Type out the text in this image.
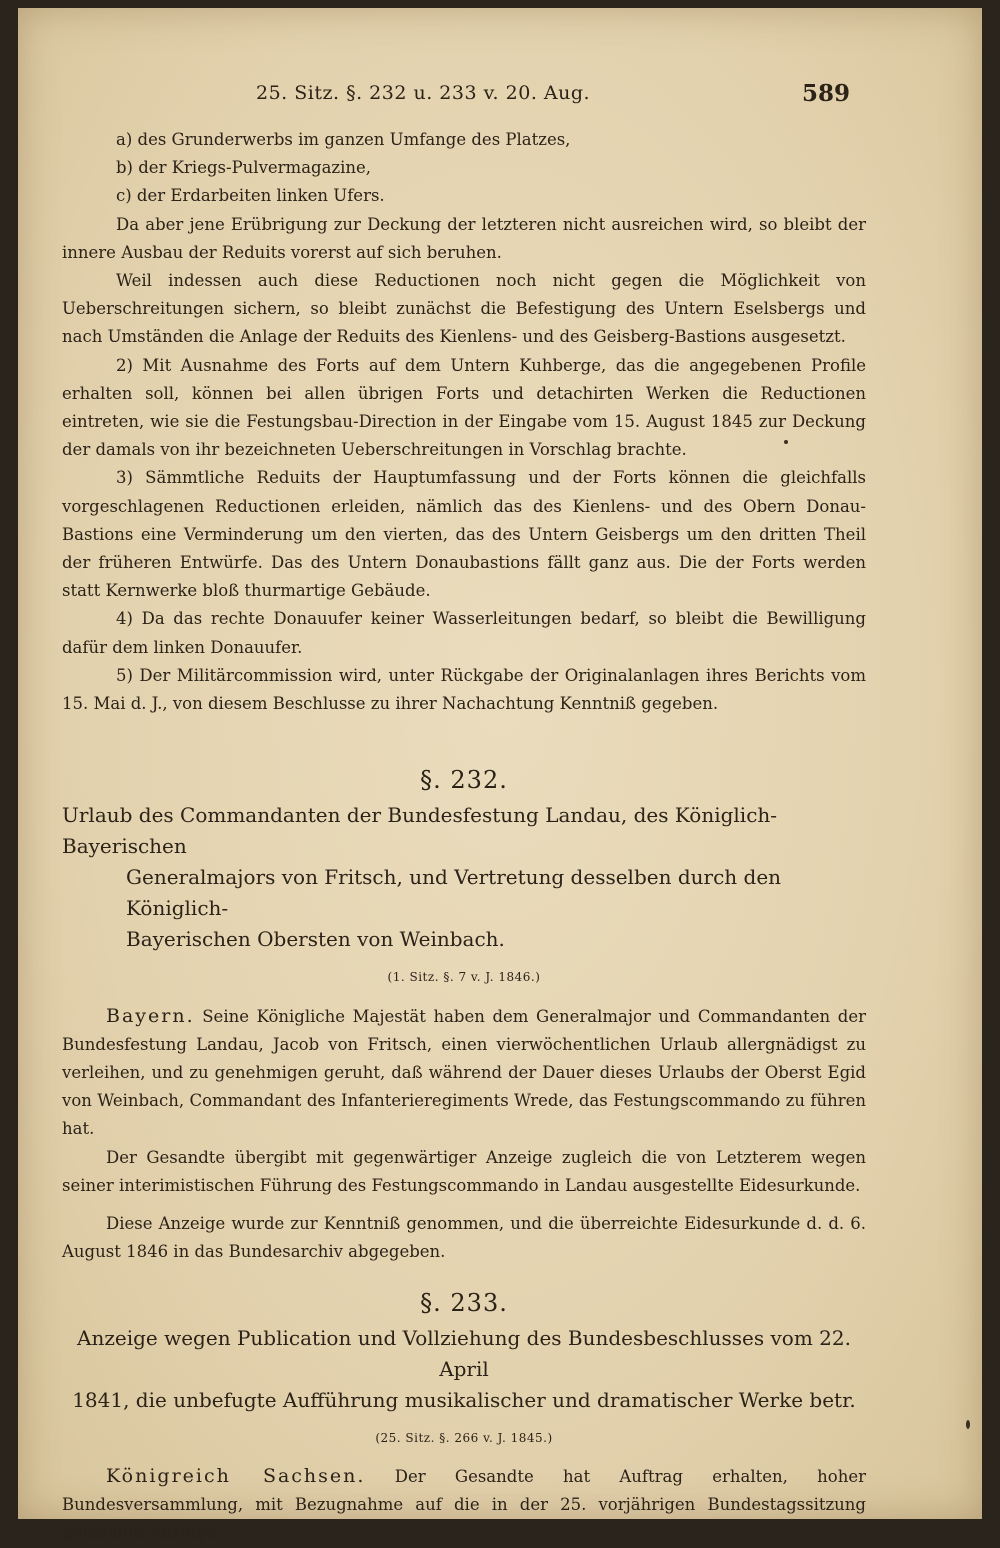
25. Sitz. §. 232 u. 233 v. 20. Aug.	589

a) des Grunderwerbs im ganzen Umfange des Platzes,

b) der Kriegs-Pulvermagazine,

c) der Erdarbeiten linken Ufers.

Da aber jene Erübrigung zur Deckung der letzteren nicht ausreichen wird, so bleibt der innere Ausbau der Reduits vorerst auf sich beruhen.

Weil indessen auch diese Reductionen noch nicht gegen die Möglichkeit von Ueberschreitungen sichern, so bleibt zunächst die Befestigung des Untern Eselsbergs und nach Umständen die Anlage der Reduits des Kienlens- und des Geisberg-Bastions ausgesetzt.

2) Mit Ausnahme des Forts auf dem Untern Kuhberge, das die angegebenen Profile erhalten soll, können bei allen übrigen Forts und detachirten Werken die Reductionen eintreten, wie sie die Festungsbau-Direction in der Eingabe vom 15. August 1845 zur Deckung der damals von ihr bezeichneten Ueberschreitungen in Vorschlag brachte.

3) Sämmtliche Reduits der Hauptumfassung und der Forts können die gleichfalls vorgeschlagenen Reductionen erleiden, nämlich das des Kienlens- und des Obern Donau-Bastions eine Verminderung um den vierten, das des Untern Geisbergs um den dritten Theil der früheren Entwürfe. Das des Untern Donaubastions fällt ganz aus. Die der Forts werden statt Kernwerke bloß thurmartige Gebäude.

4) Da das rechte Donauufer keiner Wasserleitungen bedarf, so bleibt die Bewilligung dafür dem linken Donauufer.

5) Der Militärcommission wird, unter Rückgabe der Originalanlagen ihres Berichts vom 15. Mai d. J., von diesem Beschlusse zu ihrer Nachachtung Kenntniß gegeben.

§. 232.
Urlaub des Commandanten der Bundesfestung Landau, des Königlich-Bayerischen
Generalmajors von Fritsch, und Vertretung desselben durch den Königlich-
Bayerischen Obersten von Weinbach.
(1. Sitz. §. 7 v. J. 1846.)

Bayern. Seine Königliche Majestät haben dem Generalmajor und Commandanten der Bundesfestung Landau, Jacob von Fritsch, einen vierwöchentlichen Urlaub allergnädigst zu verleihen, und zu genehmigen geruht, daß während der Dauer dieses Urlaubs der Oberst Egid von Weinbach, Commandant des Infanterieregiments Wrede, das Festungscommando zu führen hat.

Der Gesandte übergibt mit gegenwärtiger Anzeige zugleich die von Letzterem wegen seiner interimistischen Führung des Festungscommando in Landau ausgestellte Eidesurkunde.

Diese Anzeige wurde zur Kenntniß genommen, und die überreichte Eidesurkunde d. d. 6. August 1846 in das Bundesarchiv abgegeben.

§. 233.
Anzeige wegen Publication und Vollziehung des Bundesbeschlusses vom 22. April
1841, die unbefugte Aufführung musikalischer und dramatischer Werke betr.
(25. Sitz. §. 266 v. J. 1845.)

Königreich Sachsen. Der Gesandte hat Auftrag erhalten, hoher Bundesversammlung, mit Bezugnahme auf die in der 25. vorjährigen Bundestagssitzung gemachte Anzeige,
